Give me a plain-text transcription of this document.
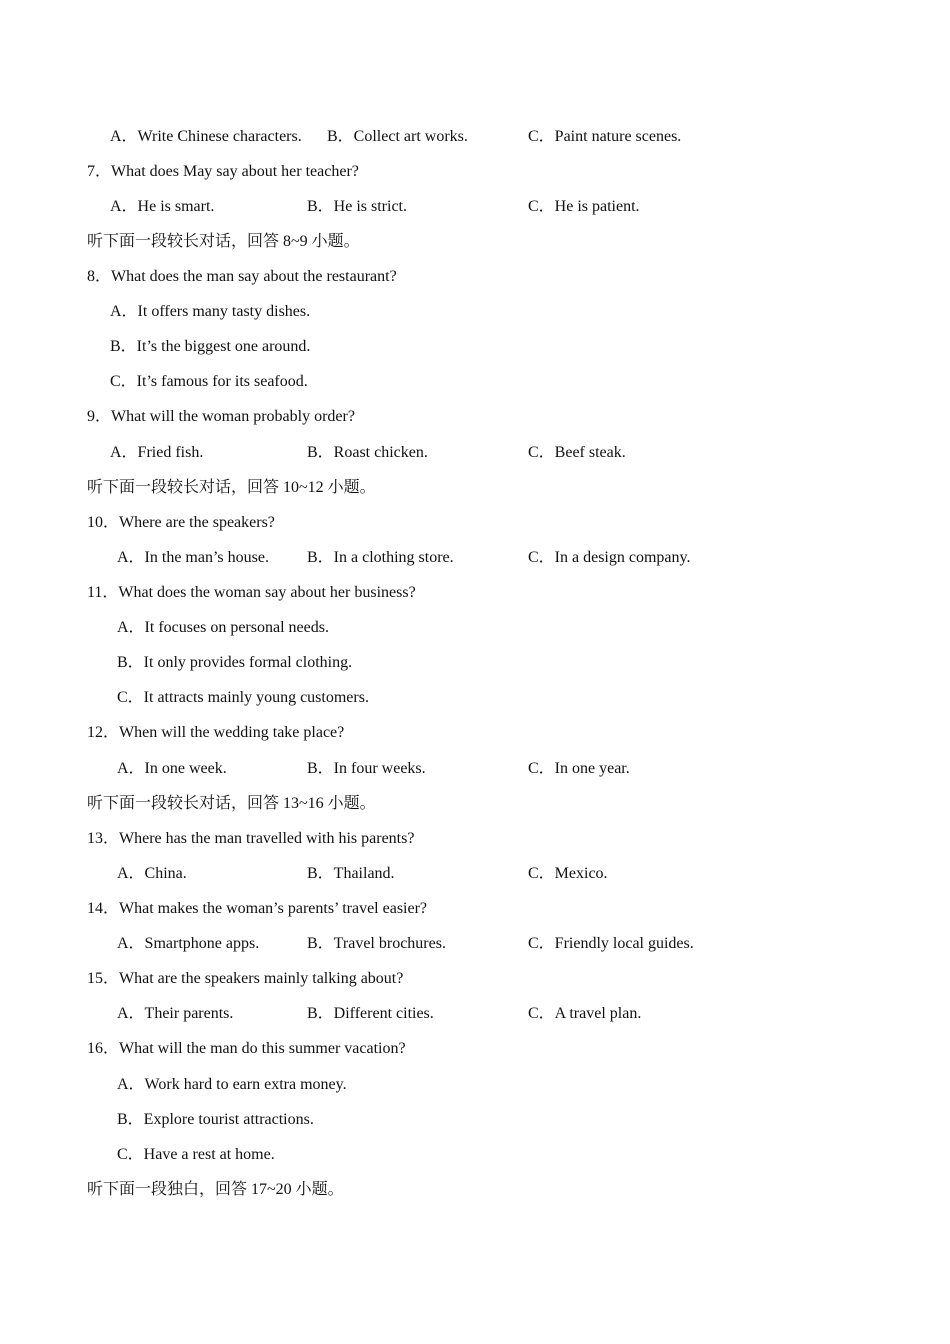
A．Write Chinese characters. B．Collect art works.	C．Paint nature scenes.
7．What does May say about her teacher?
A．He is smart.	B．He is strict.	C．He is patient.
听下面一段较长对话，回答 8~9 小题。
8．What does the man say about the restaurant?
A．It offers many tasty dishes.
B．It’s the biggest one around.
C．It’s famous for its seafood.
9．What will the woman probably order?
A．Fried fish.	B．Roast chicken.	C．Beef steak.
听下面一段较长对话，回答 10~12 小题。
10．Where are the speakers?
A．In the man’s house. B．In a clothing store.	C．In a design company.
11．What does the woman say about her business?
A．It focuses on personal needs.
B．It only provides formal clothing.
C．It attracts mainly young customers.
12．When will the wedding take place?
A．In one week.	B．In four weeks.	C．In one year.
听下面一段较长对话，回答 13~16 小题。
13．Where has the man travelled with his parents?
A．China.	B．Thailand.	C．Mexico.
14．What makes the woman’s parents’ travel easier?
A．Smartphone apps.	B．Travel brochures.	C．Friendly local guides.
15．What are the speakers mainly talking about?
A．Their parents.	B．Different cities.	C．A travel plan.
16．What will the man do this summer vacation?
A．Work hard to earn extra money.
B．Explore tourist attractions.
C．Have a rest at home.
听下面一段独白，回答 17~20 小题。
